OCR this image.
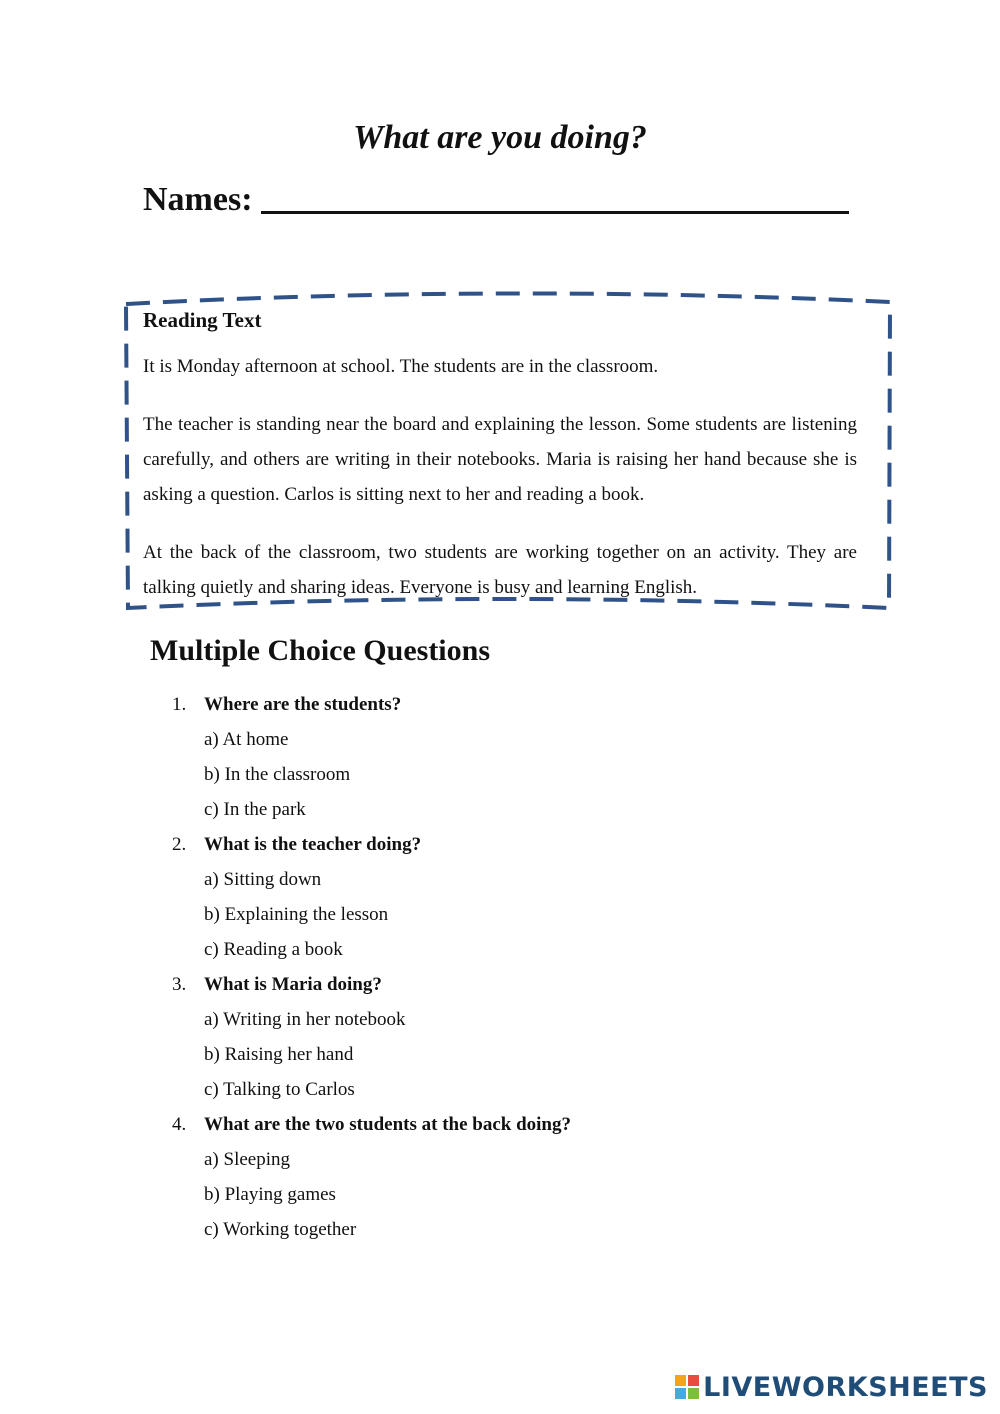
What are you doing?
Names:
Reading Text

It is Monday afternoon at school. The students are in the classroom.

The teacher is standing near the board and explaining the lesson. Some students are listening carefully, and others are writing in their notebooks. Maria is raising her hand because she is asking a question. Carlos is sitting next to her and reading a book.

At the back of the classroom, two students are working together on an activity. They are talking quietly and sharing ideas. Everyone is busy and learning English.

Multiple Choice Questions
1. Where are the students?
a) At home
b) In the classroom
c) In the park
2. What is the teacher doing?
a) Sitting down
b) Explaining the lesson
c) Reading a book
3. What is Maria doing?
a) Writing in her notebook
b) Raising her hand
c) Talking to Carlos
4. What are the two students at the back doing?
a) Sleeping
b) Playing games
c) Working together
LIVEWORKSHEETS
